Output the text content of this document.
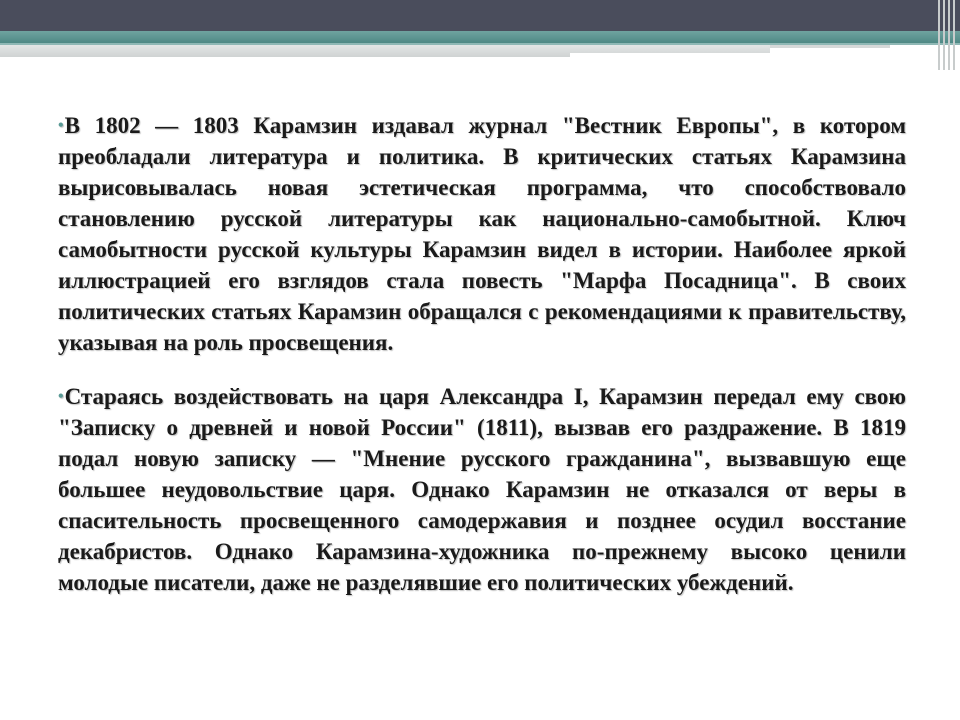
•В 1802 — 1803 Карамзин издавал журнал "Вестник Европы", в котором преобладали литература и политика. В критических статьях Карамзина вырисовывалась новая эстетическая программа, что способствовало становлению русской литературы как национально-самобытной. Ключ самобытности русской культуры Карамзин видел в истории. Наиболее яркой иллюстрацией его взглядов стала повесть "Марфа Посадница". В своих политических статьях Карамзин обращался с рекомендациями к правительству, указывая на роль просвещения.

•Стараясь воздействовать на царя Александра I, Карамзин передал ему свою "Записку о древней и новой России" (1811), вызвав его раздражение. В 1819 подал новую записку — "Мнение русского гражданина", вызвавшую еще большее неудовольствие царя. Однако Карамзин не отказался от веры в спасительность просвещенного самодержавия и позднее осудил восстание декабристов. Однако Карамзина-художника по-прежнему высоко ценили молодые писатели, даже не разделявшие его политических убеждений.
